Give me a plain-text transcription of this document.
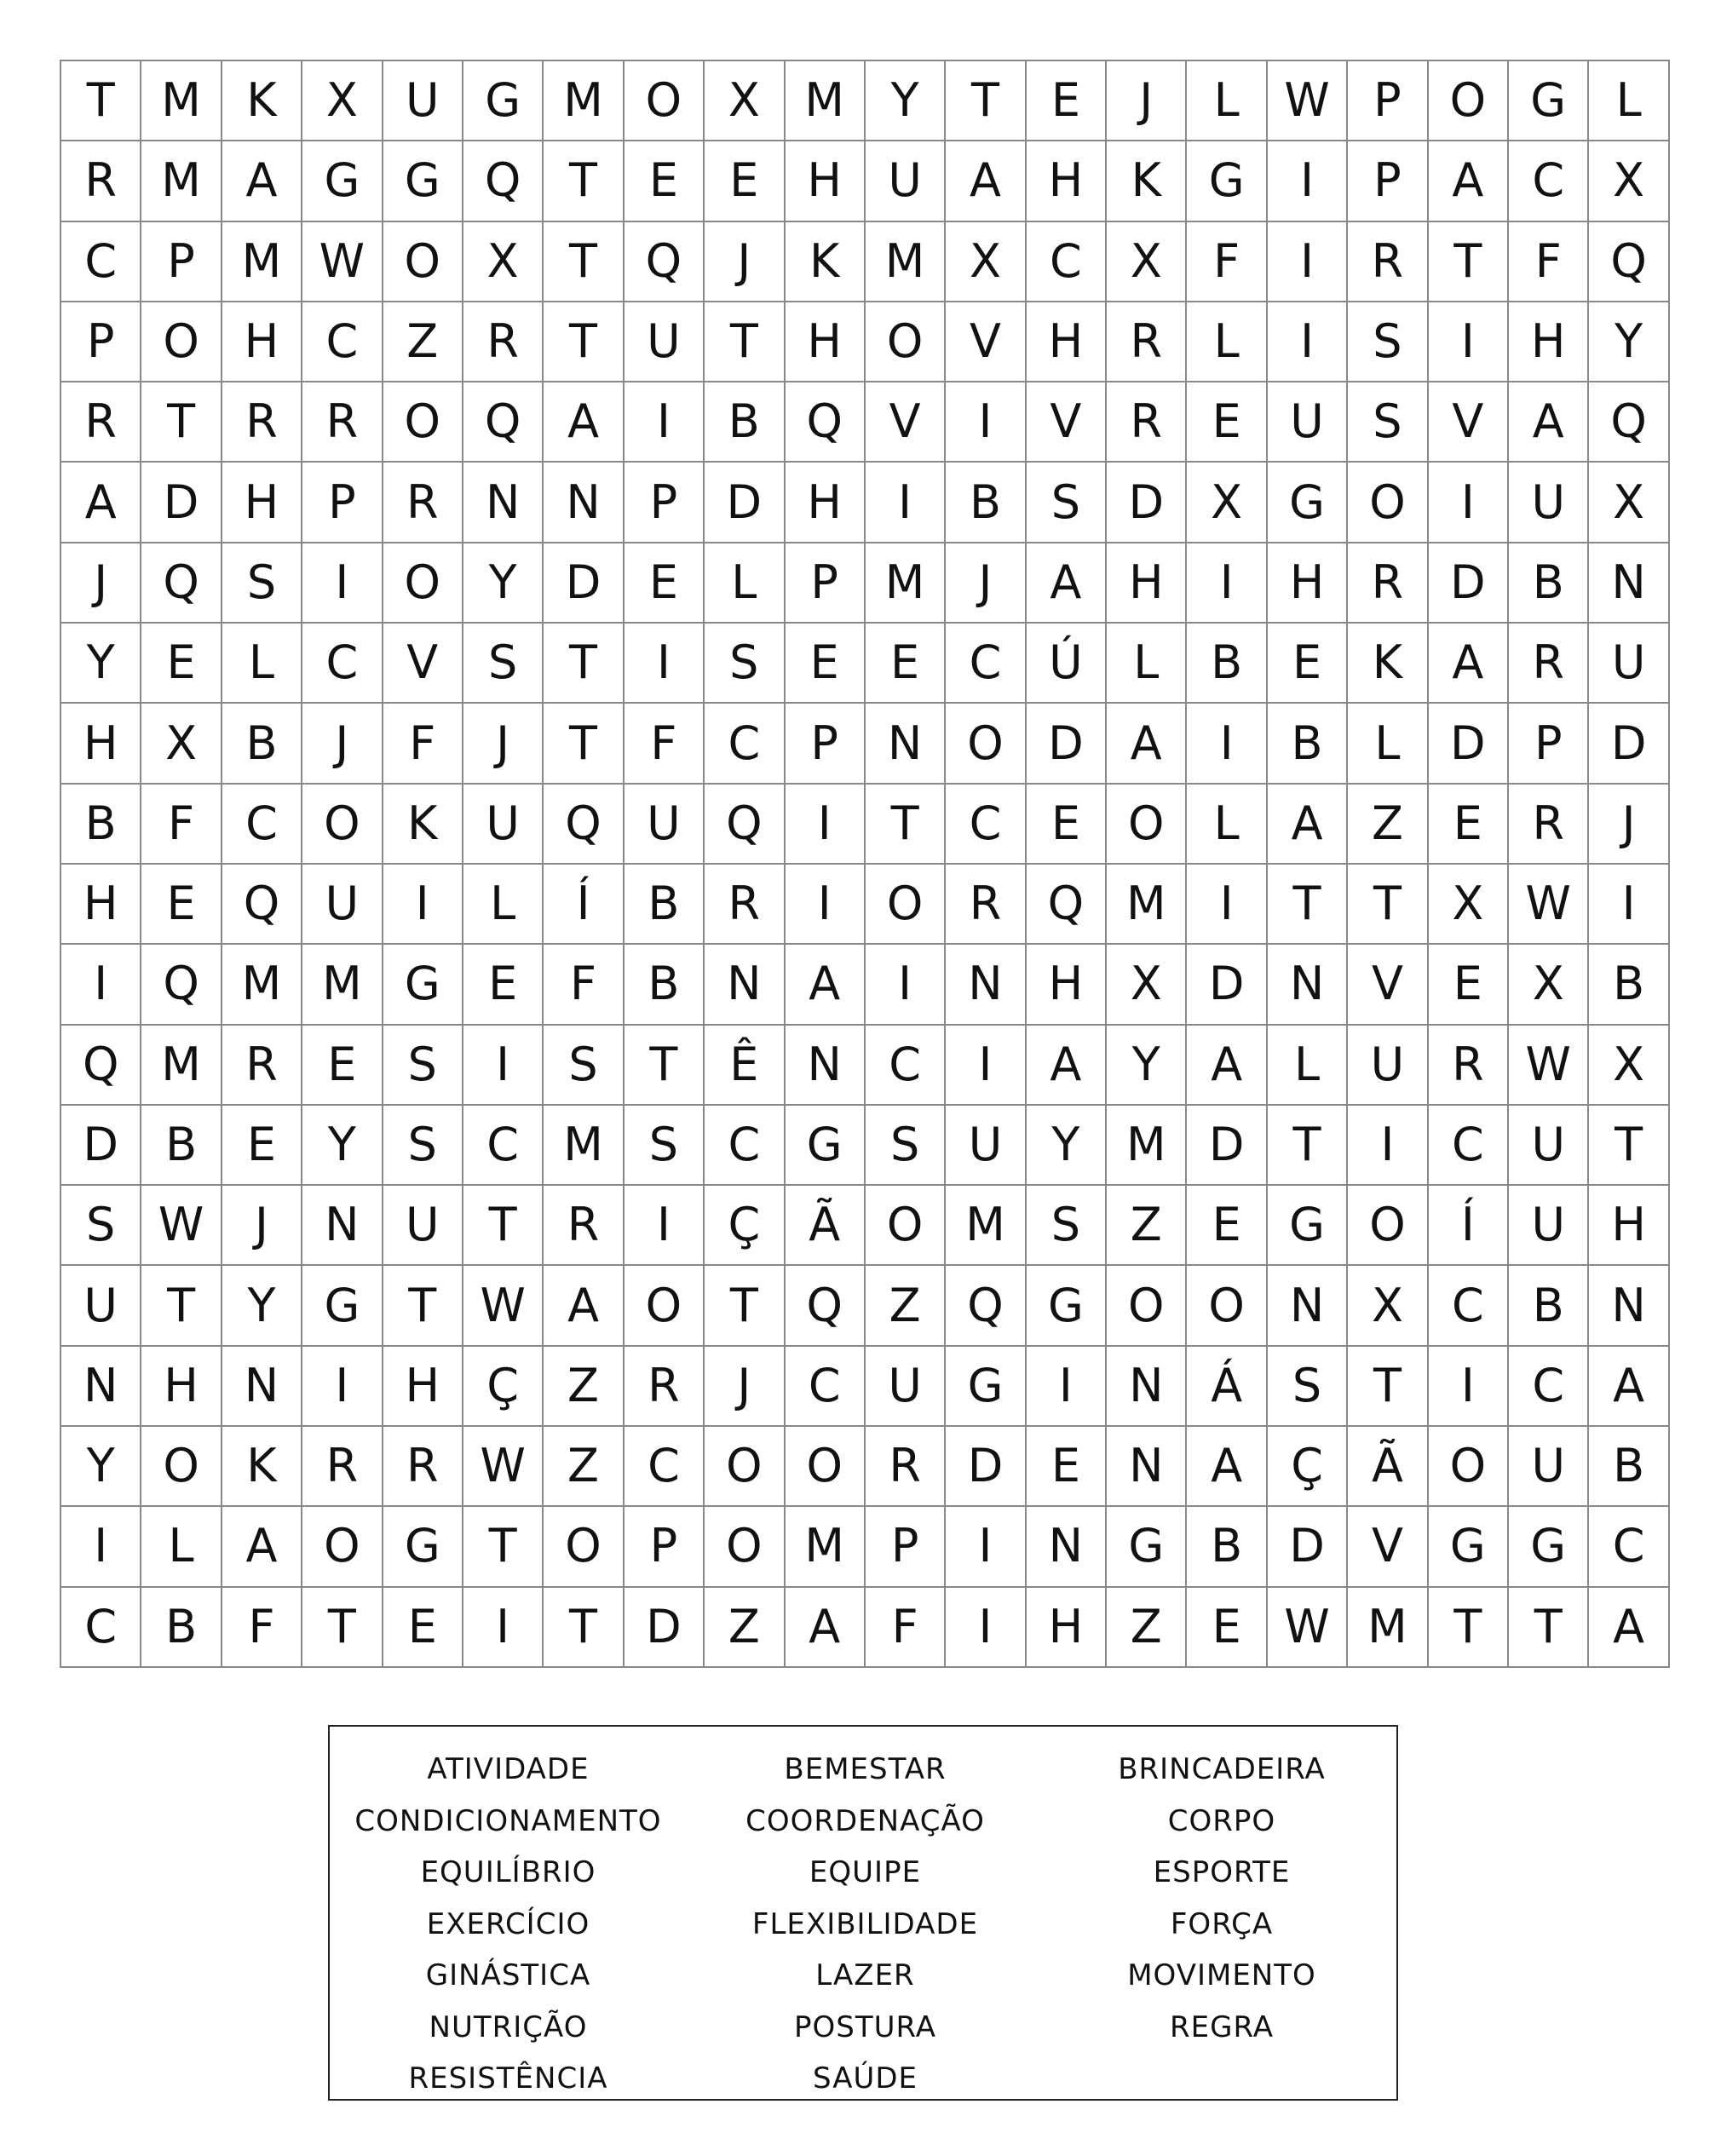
T	M K	X	U G M O	X M	Y	T	E	J	L W P	O G	L
R M A	G G Q	T	E	E	H	U	A	H	K	G	I	P	A	C	X
C	P	M W O	X	T	Q	J	K M X	C	X	F	I	R	T	F	Q
P	O H	C	Z	R	T	U	T	H O	V	H	R	L	I	S	I	H	Y
R	T	R	R	O Q	A	I	B	Q	V	I	V	R	E	U	S	V	A	Q
A	D H	P	R	N N	P	D H	I	B	S	D	X	G O	I	U	X
J	Q	S	I	O	Y	D	E	L	P	M	J	A	H	I	H	R	D	B	N
Y	E	L	C	V	S	T	I	S	E	E	C	Ú	L	B	E	K	A	R	U
H	X	B	J	F	J	T	F	C	P	N O D	A	I	B	L	D	P	D
B	F	C	O	K	U Q U Q	I	T	C	E	O	L	A	Z	E	R	J
H	E	Q U	I	L	Í	B	R	I	O	R	Q M	I	T	T	X W	I
I	Q M M G	E	F	B	N	A	I	N H	X	D N	V	E	X	B
Q M R	E	S	I	S	T	Ê	N	C	I	A	Y	A	L	U	R W X
D	B	E	Y	S	C M S	C	G	S	U	Y	M D	T	I	C	U	T
S W	J	N	U	T	R	I	Ç	Ã	O M S	Z	E	G O	Í	U	H
U	T	Y	G	T W A	O	T	Q	Z	Q G O O N	X	C	B	N
N H N	I	H	Ç	Z	R	J	C	U G	I	N	Á	S	T	I	C	A
Y	O	K	R	R W Z	C	O O	R	D	E	N	A	Ç	Ã	O U	B
I	L	A	O G	T	O	P	O M	P	I	N G	B	D	V	G G	C
C	B	F	T	E	I	T	D	Z	A	F	I	H	Z	E W M	T	T	A
ATIVIDADE	BEMESTAR	BRINCADEIRA
CONDICIONAMENTO	COORDENAÇÃO	CORPO
EQUILÍBRIO	EQUIPE	ESPORTE
EXERCÍCIO	FLEXIBILIDADE	FORÇA
GINÁSTICA	LAZER	MOVIMENTO
NUTRIÇÃO	POSTURA	REGRA
RESISTÊNCIA	SAÚDE
